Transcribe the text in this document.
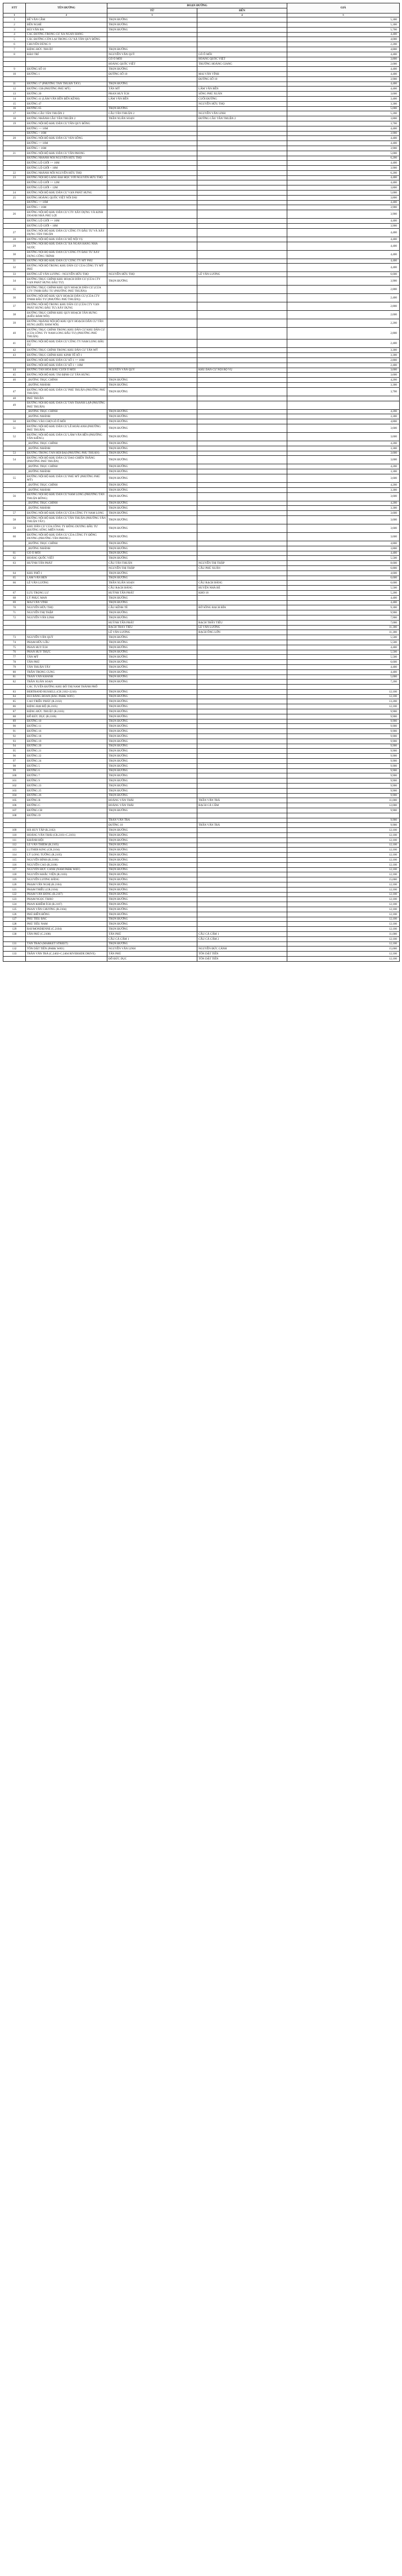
STT	TÊN ĐƯỜNG	ĐOẠN ĐƯỜNG		GIÁ
		TỪ	ĐẾN	
1	2	3	4	5
1	BẾ VĂN CẦM	TRỌN ĐƯỜNG		5,300
2	BẾN NGHÉ	TRỌN ĐƯỜNG		5,300
3	BÙI VĂN BA	TRỌN ĐƯỜNG		5,700
4	CÁC ĐƯỜNG TRONG CƯ XÁ NGÂN HÀNG			4,400
5	CÁC ĐƯỜNG CÒN LẠI TRONG CƯ XÁ TÂN QUY ĐÔNG			4,000
6	CHUYÊN DÙNG 9			2,200
7	ĐẶNG ĐỨC THUẬT	TRỌN ĐƯỜNG		4,800
8	ĐÀO TRÍ	NGUYỄN VĂN QUỲ	GÒ Ô MÔI	4,400
		GÒ Ô MÔI	HOÀNG QUỐC VIỆT	3,800
		HOÀNG QUỐC VIỆT	TRƯỜNG HOÀNG GIANG	2,000
9	ĐƯỜNG SỐ 10	TRỌN ĐƯỜNG		4,400
10	ĐƯỜNG 1	ĐƯỜNG SỐ 10	MAI VĂN VĨNH	4,400
			ĐƯỜNG SỐ 10	3,900
11	ĐƯỜNG 17 (PHƯỜNG TÂN THUẬN TÂY)	TRỌN ĐƯỜNG		4,400
12	ĐƯỜNG 15B (PHƯỜNG PHÚ MỸ)	TÂN MỸ	LÂM VĂN BỀN	4,400
13	ĐƯỜNG 20	PHAN HUY ÍCH	SÔNG PHÚ XUÂN	3,600
14	ĐƯỜNG 41 (LÂM VĂN BỀN ĐẾN KÊNH)	LÂM VĂN BỀN	CUỐI ĐƯỜNG	3,400
15	ĐƯỜNG 47		NGUYỄN HỮU THỌ	3,300
16	ĐƯỜNG 65	TRỌN ĐƯỜNG		5,000
17	ĐƯỜNG CẦU TÂN THUẬN 2	CẦU TÂN THUẬN 2	NGUYỄN VĂN LINH	5,200
18	ĐƯỜNG NHÁNH CẦU TÂN THUẬN 2	TRẦN XUÂN SOẠN	ĐƯỜNG CẦU TÂN THUẬN 2	3,800
19	ĐƯỜNG NỘI BỘ KHU DÂN CƯ TÂN QUY ĐÔNG			3,700
	ĐƯỜNG >= 16M			4,400
	ĐƯỜNG < 16M			3,900
20	ĐƯỜNG NỘI BỘ KHU DÂN CƯ VEN SÔNG			4,400
	ĐƯỜNG >= 16M			4,400
	ĐƯỜNG < 16M			3,900
21	ĐƯỜNG NỘI BỘ KHU DÂN CƯ TÂN PHONG			5,000
	ĐƯỜNG NHÁNH NỐI NGUYỄN HỮU THỌ			6,200
	ĐƯỜNG LỘ GIỚI >= 16M			4,400
	ĐƯỜNG LỘ GIỚI < 16M			3,900
22	ĐƯỜNG NHÁNH NỐI NGUYỄN HỮU THỌ			6,200
23	ĐƯỜNG NỘI BỘ LÀNG ĐẠI HỌC VỚI NGUYỄN HỮU THỌ			4,400
	ĐƯỜNG LỘ GIỚI >= 12M			4,400
	ĐƯỜNG LỘ GIỚI < 12M			3,800
24	ĐƯỜNG NỘI BỘ KHU DÂN CƯ VẠN PHÁT HƯNG			5,000
25	ĐƯỜNG HOÀNG QUỐC VIỆT NỐI DÀI			3,800
	ĐƯỜNG >= 16M			4,400
	ĐƯỜNG < 16M			3,900
26	ĐƯỜNG NỘI BỘ KHU DÂN CƯ CTY XÂY DỰNG VÀ KINH DOANH NHÀ PHÚ LỢI			3,900
	ĐƯỜNG LỘ GIỚI >= 16M			4,400
	ĐƯỜNG LỘ GIỚI < 16M			3,900
27	ĐƯỜNG NỘI BỘ KHU DÂN CƯ CÔNG TY ĐẦU TƯ VÀ XÂY DỰNG TÂN THUẬN			4,400
28	ĐƯỜNG NỘI BỘ KHU DÂN CƯ BỘ NỘI VỤ			4,400
29	ĐƯỜNG NỘI BỘ KHU DÂN CƯ XÁ NGÂN HÀNG NHÀ NƯỚC			4,400
30	ĐƯỜNG NỘI BỘ KHU DÂN CƯ CÔNG TY ĐẦU TƯ XÂY DỰNG CÔNG TRÌNH			4,400
31	ĐƯỜNG NỘI BỘ KHU DÂN CƯ CÔNG TY MỸ PHÚ			4,400
32	ĐƯỜNG NỘI BỘ TRONG KHU DÂN CƯ CỦA CÔNG TY MỸ PHÚ			4,400
33	ĐƯỜNG LÊ VĂN LƯƠNG - NGUYỄN HỮU THỌ	NGUYỄN HỮU THỌ	LÊ VĂN LƯƠNG	6,600
34	ĐƯỜNG TRỤC CHÍNH KHU HOẠCH DÂN CƯ (CỦA CTY VẠN PHÁT HƯNG ĐẦU TƯ)	TRỌN ĐƯỜNG		3,900
35	ĐƯỜNG TRỤC CHÍNH KHU QUY HOẠCH DÂN CƯ (CỦA CTY TNHH ĐẦU TƯ (PHƯỜNG PHÚ THUẬN))			2,800
36	ĐƯỜNG NỘI BỘ KHU QUY HOẠCH DÂN CƯ (CỦA CTY TNHH ĐẦU TƯ (PHƯỜNG PHÚ THUẬN))			2,400
37	ĐƯỜNG NỘI BỘ TRONG KHU DÂN CƯ (CỦA CTY VẠN PHÁT HƯNG ĐẦU TƯ) XÂY DỰNG			2,800
38	ĐƯỜNG TRỤC CHÍNH KHU QUY HOẠCH TÂN HƯNG (KIỀU ĐÀM NỐI)			2,600
39	ĐƯỜNG NHÁNH NỘI BỘ KHU QUY HOẠCH DÂN CƯ TÂN HƯNG (KIỀU ĐÀM NỐI)			2,200
40	ĐƯỜNG TRỤC CHÍNH TRONG KHU DÂN CƯ KHU DÂN CƯ (CỦA CÔNG TY NAM LONG ĐẦU TƯ) (PHƯỜNG PHÚ THUẬN)			2,800
41	ĐƯỜNG NỘI BỘ KHU DÂN CƯ CÔNG TY NAM LONG ĐẦU TƯ			2,400
42	ĐƯỜNG TRỤC CHÍNH TRONG KHU DÂN CƯ TÂN MỸ			3,300
43	ĐƯỜNG TRỤC CHÍNH KHU KINH TẾ SỐ 1			3,300
	ĐƯỜNG NỘI BỘ KHU DÂN CƯ SỐ 1 >= 16M			2,800
	ĐƯỜNG NỘI BỘ KHU DÂN CƯ SỐ 1 < 16M			2,400
44	ĐƯỜNG TÂN HÒA ĐẦU CUỐI Ô MÔI	NGUYỄN VĂN QUỲ	KHU DÂN CƯ NỘI BỘ VỤ	3,600
45	ĐƯỜNG NỘI BỘ KHU TÁI ĐỊNH CƯ TÂN HƯNG			3,600
46	_ĐƯỜNG TRỤC CHÍNH	TRỌN ĐƯỜNG		4,200
	_ĐƯỜNG NHÁNH	TRỌN ĐƯỜNG		3,300
47	ĐƯỜNG NỘI BỘ KHU DÂN CƯ PHÚ THUẬN (PHƯỜNG PHÚ THUẬN)	TRỌN ĐƯỜNG		3,700
48	PHÚ THUẬN			
49	ĐƯỜNG NỘI BỘ KHU DÂN CƯ TÂN THÀNH LẬP (PHƯỜNG PHÚ THUẬN)			
	_ĐƯỜNG TRỤC CHÍNH	TRỌN ĐƯỜNG		4,200
	_ĐƯỜNG NHÁNH	TRỌN ĐƯỜNG		3,300
50	ĐƯỜNG VÀO CHỢ GÒ Ô MÔI	TRỌN ĐƯỜNG		4,800
51	ĐƯỜNG NỘI BỘ KHU DÂN CƯ LÊ HOÀI ANH (PHƯỜNG PHÚ THUẬN)	TRỌN ĐƯỜNG		3,600
52	ĐƯỜNG NỘI BỘ KHU DÂN CƯ LÂM VĂN BỀN (PHƯỜNG TÂN KIỂNG)	TRỌN ĐƯỜNG		3,600
	_ĐƯỜNG TRỤC CHÍNH	TRỌN ĐƯỜNG		4,200
	_ĐƯỜNG NHÁNH	TRỌN ĐƯỜNG		3,300
53	ĐƯỜNG TRONG TÂN HỘI ĐẠI (PHƯỜNG PHÚ THUẬN)	TRỌN ĐƯỜNG		3,600
54	ĐƯỜNG NỘI BỘ KHU DÂN CƯ DAO CHIẾN THẮNG (PHƯỜNG PHÚ THUẬN)	TRỌN ĐƯỜNG		3,600
	_ĐƯỜNG TRỤC CHÍNH	TRỌN ĐƯỜNG		4,200
	_ĐƯỜNG NHÁNH	TRỌN ĐƯỜNG		3,300
55	ĐƯỜNG NỘI BỘ KHU DÂN CƯ PHÚ MỸ (PHƯỜNG PHÚ MỸ)	TRỌN ĐƯỜNG		3,600
	_ĐƯỜNG TRỤC CHÍNH	TRỌN ĐƯỜNG		4,200
	_ĐƯỜNG NHÁNH	TRỌN ĐƯỜNG		3,300
56	ĐƯỜNG NỘI BỘ KHU DÂN CƯ NAM LONG (PHƯỜNG TÂN THUẬN ĐÔNG)	TRỌN ĐƯỜNG		3,600
	_ĐƯỜNG TRỤC CHÍNH	TRỌN ĐƯỜNG		4,200
	_ĐƯỜNG NHÁNH	TRỌN ĐƯỜNG		3,300
57	ĐƯỜNG NỘI BỘ KHU DÂN CƯ CỦA CÔNG TY NAM LONG	TRỌN ĐƯỜNG		3,600
58	ĐƯỜNG NỘI BỘ KHU DÂN CƯ TÂN THUẬN (PHƯỜNG TÂN THUẬN TÂY)	TRỌN ĐƯỜNG		3,600
59	KHU DÂN CƯ CỦA CÔNG TY ĐÔNG DƯƠNG ĐẦU TƯ (ĐƯỜNG SÔNG MIỀN NAM)	TRỌN ĐƯỜNG		3,600
60	ĐƯỜNG NỘI BỘ KHU DÂN CƯ CỦA CÔNG TY ĐÔNG DƯƠNG (PHƯỜNG TÂN PHONG)	TRỌN ĐƯỜNG		3,600
	_ĐƯỜNG TRỤC CHÍNH	TRỌN ĐƯỜNG		4,800
	_ĐƯỜNG NHÁNH	TRỌN ĐƯỜNG		3,800
61	GÒ Ô MÔI	TRỌN ĐƯỜNG		4,400
62	HOÀNG QUỐC VIỆT	TRỌN ĐƯỜNG		5,500
63	HUỲNH TẤN PHÁT	CẦU TÂN THUẬN	NGUYỄN THỊ THẬP	8,600
		NGUYỄN THỊ THẬP	CẦU PHÚ XUÂN	6,800
64	KHU PHỐ 1	TRỌN ĐƯỜNG		4,600
65	LÂM VĂN BỀN	TRỌN ĐƯỜNG		6,600
66	LÊ VĂN LƯƠNG	TRẦN XUÂN SOẠN	CẦU RẠCH BÀNG	6,600
		CẦU RẠCH BÀNG	HUYỆN NHÀ BÈ	5,500
67	LƯU TRỌNG LƯ	HUỲNH TẤN PHÁT	KHO 18	5,200
68	LÝ PHỤC MAN	TRỌN ĐƯỜNG		4,400
69	MAI VĂN VĨNH	TRỌN ĐƯỜNG		4,400
70	NGUYỄN HỮU THỌ	CẦU KÊNH TẺ	BỜ SÔNG RẠCH ĐĨA	9,300
71	NGUYỄN THỊ THẬP	TRỌN ĐƯỜNG		9,900
72	NGUYỄN VĂN LINH	TRỌN ĐƯỜNG		7,900
		HUỲNH TẤN PHÁT	RẠCH THẦY TIÊU	7,000
		RẠCH THẦY TIÊU	LÊ VĂN LƯƠNG	11,300
		LÊ VĂN LƯƠNG	RẠCH ÔNG LỚN	11,300
73	NGUYỄN VĂN QUỲ	TRỌN ĐƯỜNG		5,500
74	PHẠM HỮU LẦU	TRỌN ĐƯỜNG		5,500
75	PHAN HUY ÍCH	TRỌN ĐƯỜNG		4,400
76	PHAN HUY THỰC	TRỌN ĐƯỜNG		5,500
77	TÂN MỸ	TRỌN ĐƯỜNG		5,500
78	TÂN PHÚ	TRỌN ĐƯỜNG		6,600
79	TÂN THUẬN TÂY	TRỌN ĐƯỜNG		4,400
80	TRẦN TRỌNG CUNG	TRỌN ĐƯỜNG		4,400
81	TRẦN VĂN KHÁNH	TRỌN ĐƯỜNG		5,000
82	TRẦN XUÂN SOẠN	TRỌN ĐƯỜNG		7,200
	CÁC TUYẾN ĐƯỜNG KHU ĐÔ THỊ NAM THÀNH PHỐ			
83	BERTRAND RUSSELL (CR 2102+2210)	TRỌN ĐƯỜNG		12,100
84	BÙI BẰNG ĐOÀN (BẮC PARK WAY)	TRỌN ĐƯỜNG		12,100
85	CAO TRIỀU PHÁT (R.2102)	TRỌN ĐƯỜNG		13,200
86	ĐẶNG ĐẠI ĐỘ (R.2105)	TRỌN ĐƯỜNG		12,100
87	ĐẶNG ĐỨC THUẬT (R.2103)	TRỌN ĐƯỜNG		9,900
88	ĐỖ ĐỨC DỤC (R.2106)	TRỌN ĐƯỜNG		9,900
89	ĐƯỜNG 10	TRỌN ĐƯỜNG		9,900
90	ĐƯỜNG 11	TRỌN ĐƯỜNG		9,900
91	ĐƯỜNG 16	TRỌN ĐƯỜNG		9,900
92	ĐƯỜNG 18	TRỌN ĐƯỜNG		9,900
93	ĐƯỜNG 19	TRỌN ĐƯỜNG		9,900
94	ĐƯỜNG 20	TRỌN ĐƯỜNG		9,900
95	ĐƯỜNG 21	TRỌN ĐƯỜNG		9,900
96	ĐƯỜNG 22	TRỌN ĐƯỜNG		9,900
97	ĐƯỜNG 24	TRỌN ĐƯỜNG		9,900
98	ĐƯỜNG 5	TRỌN ĐƯỜNG		9,900
99	ĐƯỜNG 6	TRỌN ĐƯỜNG		9,900
100	ĐƯỜNG 7	TRỌN ĐƯỜNG		9,900
101	ĐƯỜNG 9	TRỌN ĐƯỜNG		9,900
102	ĐƯỜNG 23	TRỌN ĐƯỜNG		9,900
103	ĐƯỜNG 25	TRỌN ĐƯỜNG		9,900
104	ĐƯỜNG 26	TRỌN ĐƯỜNG		9,900
105	ĐƯỜNG B	HOÀNG VĂN THÁI	TRẦN VĂN TRÀ	11,000
106	ĐƯỜNG C	HOÀNG VĂN THÁI	RẠCH CÁ CẤM	12,000
107	ĐƯỜNG CB	TRỌN ĐƯỜNG		9,900
108	ĐƯỜNG D			
		TRẦN VĂN TRÀ		9,900
		ĐƯỜNG 10	TRẦN VĂN TRÀ	9,900
109	HÀ HUY TẬP (R.2102)	TRỌN ĐƯỜNG		12,100
110	HOÀNG VĂN THÁI (CR.2101+C.2101)	TRỌN ĐƯỜNG		12,100
111	KHÁNH HỘI	TRỌN ĐƯỜNG		12,100
112	LÊ VĂN THIÊM (R.2105)	TRỌN ĐƯỜNG		12,100
113	LUTHER KING (CR.2104)	TRỌN ĐƯỜNG		12,100
114	LÝ LONG TƯỜNG (R.2105)	TRỌN ĐƯỜNG		12,100
115	NGUYỄN BÍNH (R.2106)	TRỌN ĐƯỜNG		12,100
116	NGUYỄN CAO (R.2106)	TRỌN ĐƯỜNG		12,100
117	NGUYỄN ĐỨC CẢNH (NAM PARK WAY)	TRỌN ĐƯỜNG		12,100
118	NGUYỄN KHẮC VIỆN (R.2103)	TRỌN ĐƯỜNG		12,100
119	NGUYỄN LƯƠNG BẰNG	TRỌN ĐƯỜNG		15,000
120	PHẠM VĂN NGHỊ (R.2104)	TRỌN ĐƯỜNG		12,100
121	PHẠM THIỀU (CR.2104)	TRỌN ĐƯỜNG		12,100
122	PHẠM VĂN ĐỒNG (R.2107)	TRỌN ĐƯỜNG		12,100
123	PHẠM NGỌC THẢO	TRỌN ĐƯỜNG		12,100
124	PHAN KHIÊM ÍCH (R.2107)	TRỌN ĐƯỜNG		12,100
125	PHAN VĂN CHƯƠNG (R.2104)	TRỌN ĐƯỜNG		12,100
126	PHÚ ĐIỀN ĐÔNG	TRỌN ĐƯỜNG		12,100
127	PHÚ TIÊU BẮC	TRỌN ĐƯỜNG		12,100
128	PHÚ TIÊU NAM	TRỌN ĐƯỜNG		12,100
129	RAYMONDIENNE (C.2104)	TRỌN ĐƯỜNG		12,100
130	TÂN PHÚ (C.2108)	TÂN PHÚ	CẦU CÁ CẤM 1	11,000
		CẦU CÁ CẤM 1	CẦU CÁ CẤM 2	12,100
131	TÂN TRÀO (MARKET STREET)	TRỌN ĐƯỜNG		12,100
132	TÔN DẬT TIÊN (PARK WAY)	NGUYỄN VĂN LINH	NGUYỄN ĐỨC CẢNH	15,000
133	TRẦN VĂN TRÀ (C.2402+C.2404 RIVERSIDE DRIVE)	TÂN PHÚ	TÔN DẬT TIÊN	12,100
		ĐỖ ĐỨC DỤC	TÔN DẬT TIÊN	12,100
